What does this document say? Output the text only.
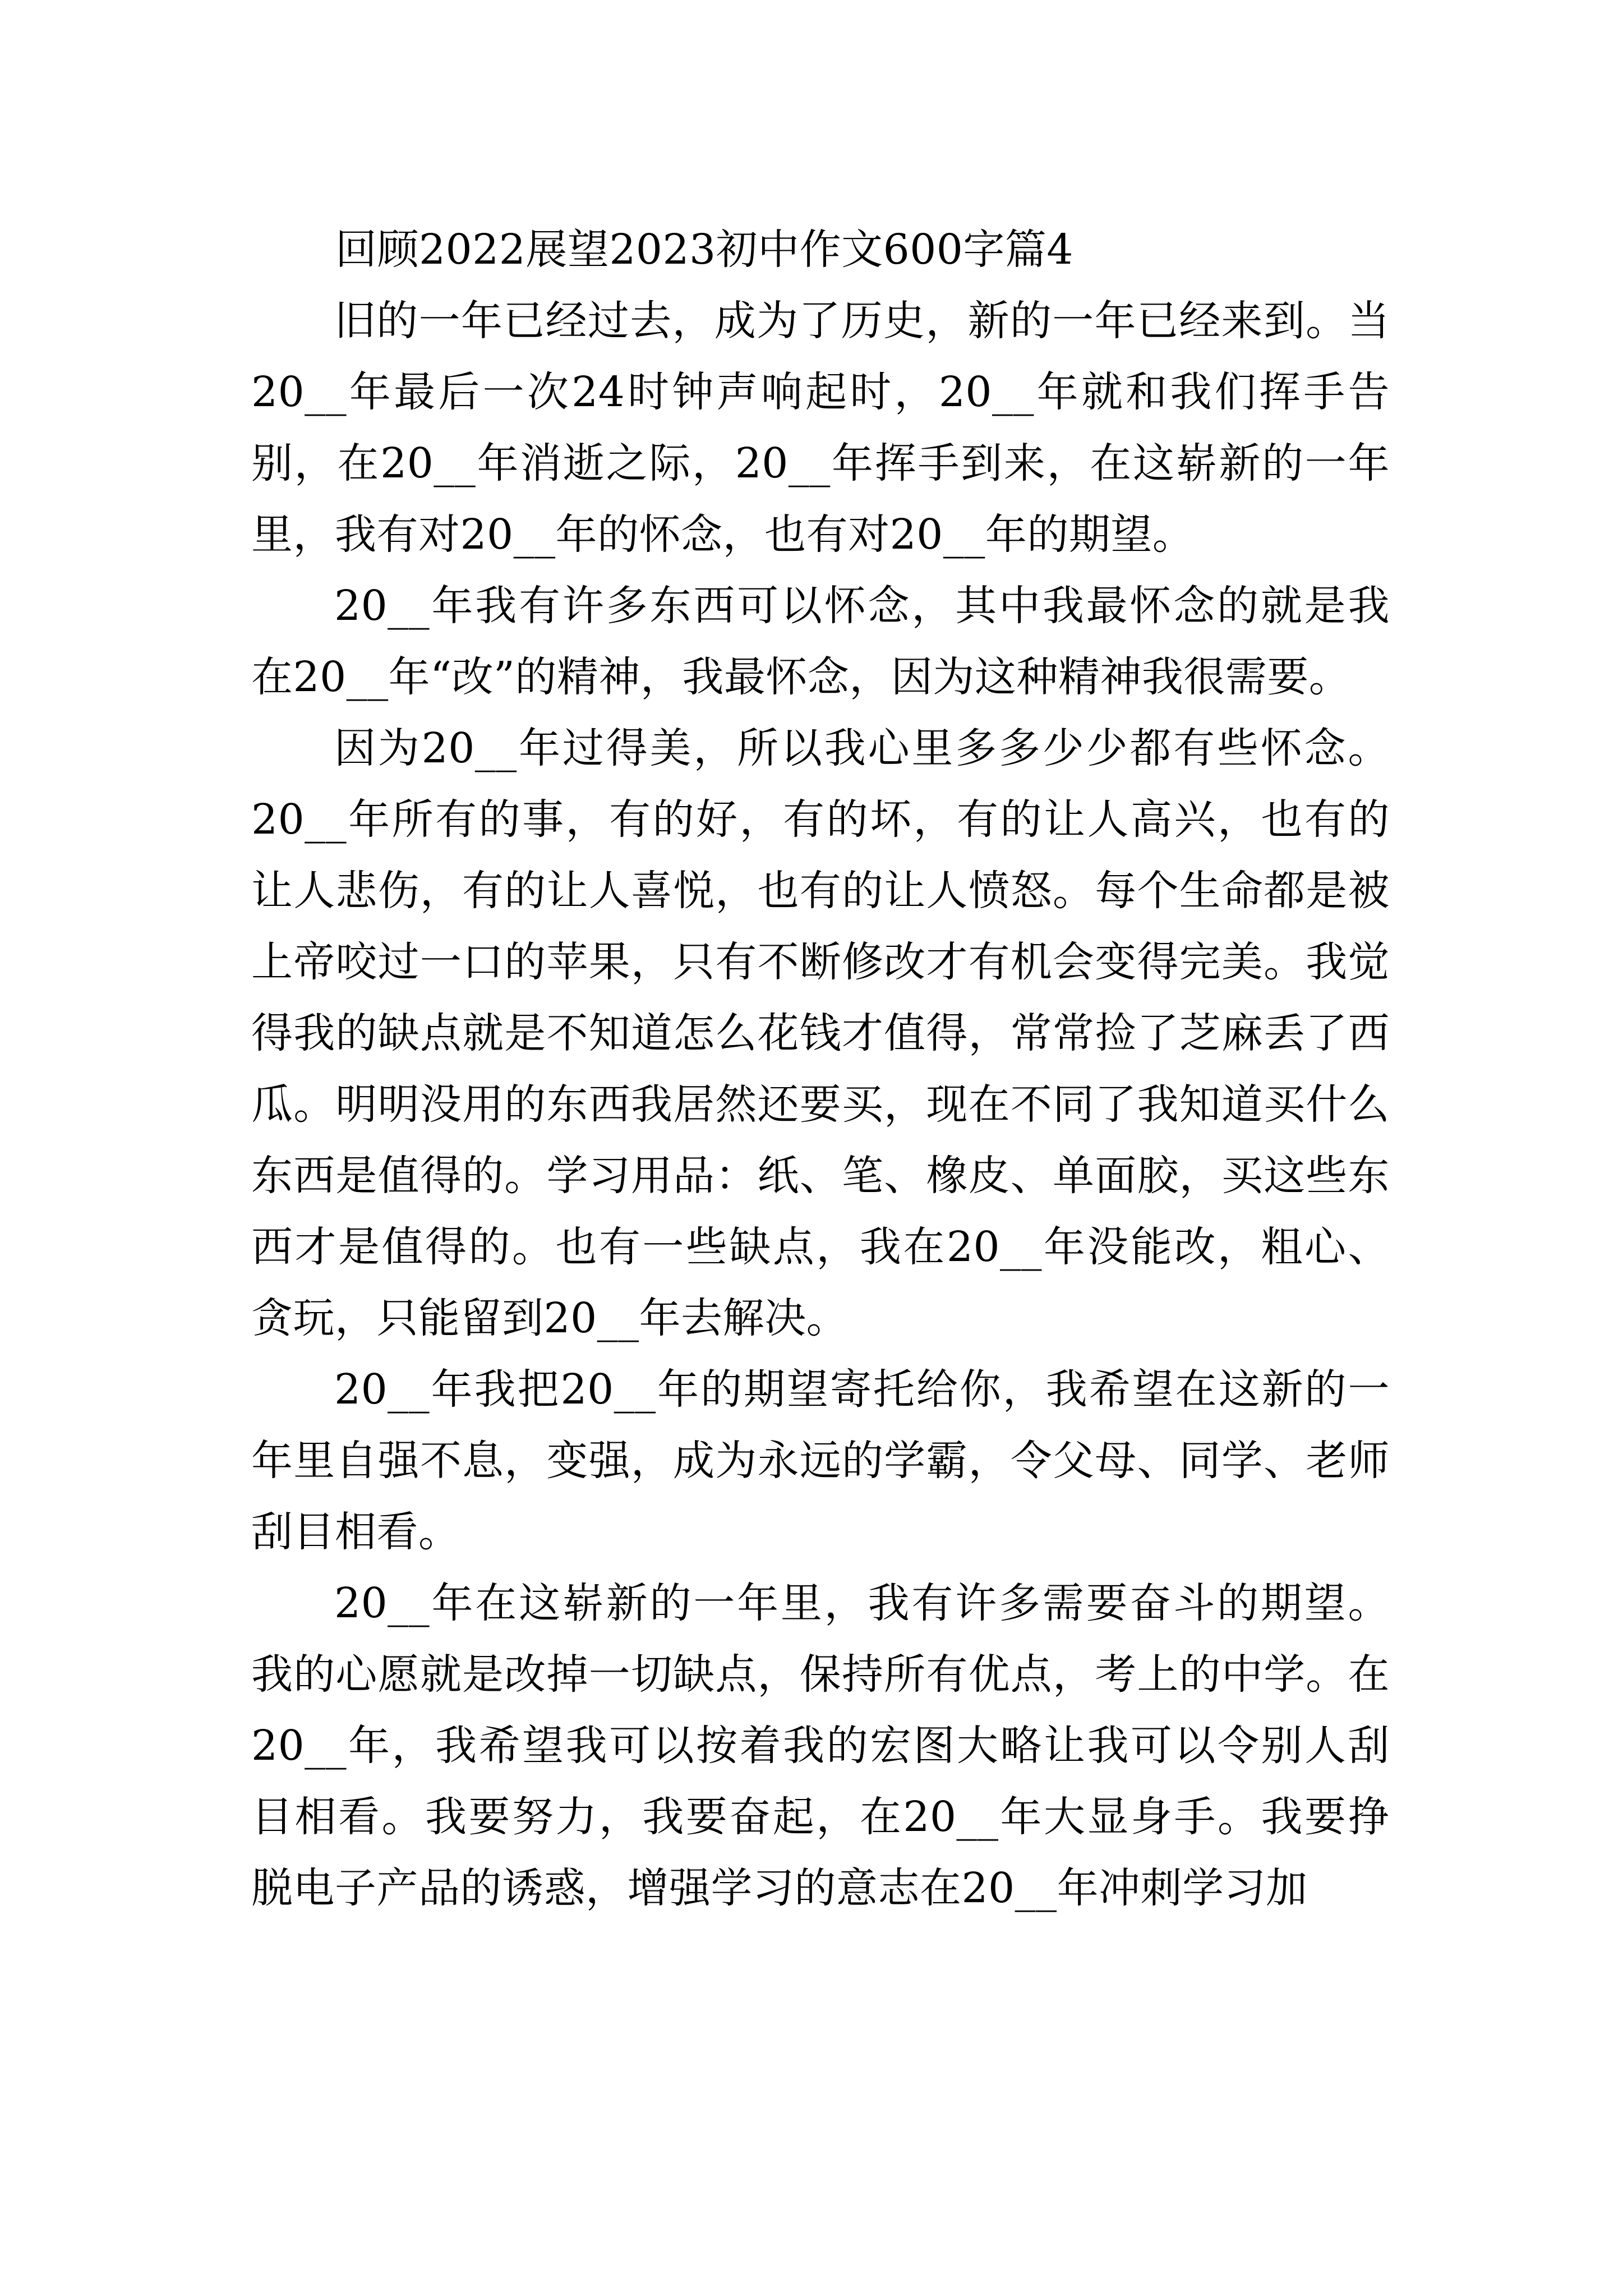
回顾2022展望2023初中作文600字篇4

旧的一年已经过去，成为了历史，新的一年已经来到。当20__年最后一次24时钟声响起时，20__年就和我们挥手告别，在20__年消逝之际，20__年挥手到来，在这崭新的一年里，我有对20__年的怀念，也有对20__年的期望。

20__年我有许多东西可以怀念，其中我最怀念的就是我在20__年“改”的精神，我最怀念，因为这种精神我很需要。

因为20__年过得美，所以我心里多多少少都有些怀念。20__年所有的事，有的好，有的坏，有的让人高兴，也有的让人悲伤，有的让人喜悦，也有的让人愤怒。每个生命都是被上帝咬过一口的苹果，只有不断修改才有机会变得完美。我觉得我的缺点就是不知道怎么花钱才值得，常常捡了芝麻丢了西瓜。明明没用的东西我居然还要买，现在不同了我知道买什么东西是值得的。学习用品：纸、笔、橡皮、单面胶，买这些东西才是值得的。也有一些缺点，我在20__年没能改，粗心、贪玩，只能留到20__年去解决。

20__年我把20__年的期望寄托给你，我希望在这新的一年里自强不息，变强，成为永远的学霸，令父母、同学、老师刮目相看。

20__年在这崭新的一年里，我有许多需要奋斗的期望。我的心愿就是改掉一切缺点，保持所有优点，考上的中学。在20__年，我希望我可以按着我的宏图大略让我可以令别人刮目相看。我要努力，我要奋起，在20__年大显身手。我要挣脱电子产品的诱惑，增强学习的意志在20__年冲刺学习加
